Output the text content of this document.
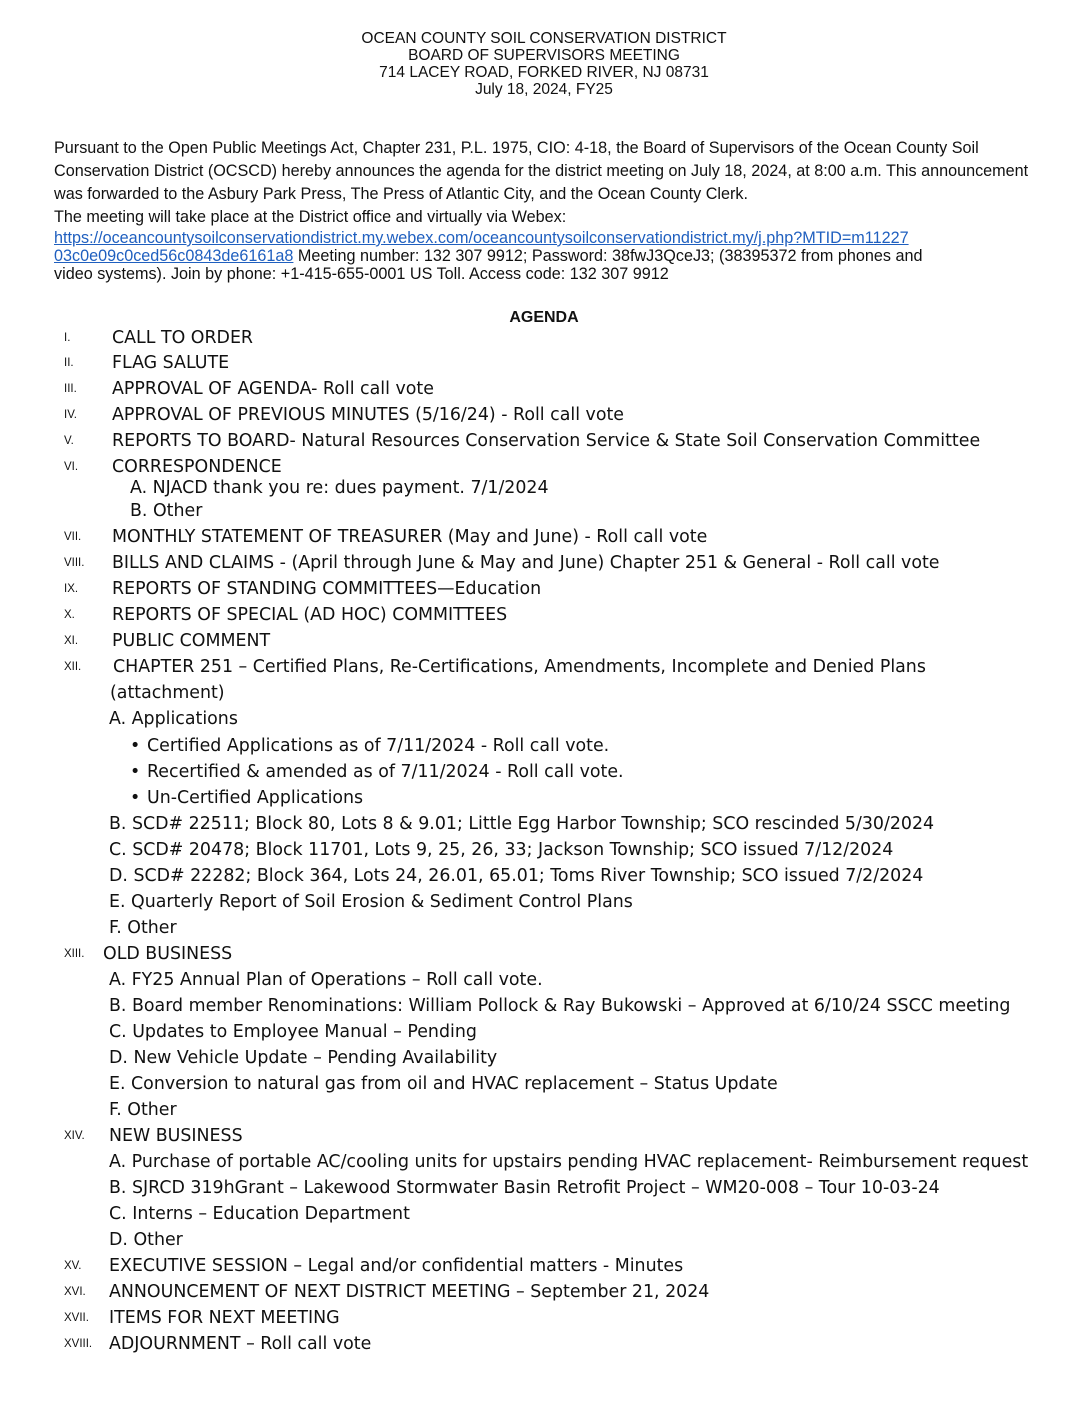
OCEAN COUNTY SOIL CONSERVATION DISTRICT
BOARD OF SUPERVISORS MEETING
714 LACEY ROAD, FORKED RIVER, NJ 08731
July 18, 2024, FY25

Pursuant to the Open Public Meetings Act, Chapter 231, P.L. 1975, CIO: 4-18, the Board of Supervisors of the Ocean County Soil Conservation District (OCSCD) hereby announces the agenda for the district meeting on July 18, 2024, at 8:00 a.m. This announcement was forwarded to the Asbury Park Press, The Press of Atlantic City, and the Ocean County Clerk.

The meeting will take place at the District office and virtually via Webex:

https://oceancountysoilconservationdistrict.my.webex.com/oceancountysoilconservationdistrict.my/j.php?MTID=m11227
03c0e09c0ced56c0843de6161a8 Meeting number: 132 307 9912; Password: 38fwJ3QceJ3; (38395372 from phones and
video systems). Join by phone: +1-415-655-0001 US Toll. Access code: 132 307 9912
AGENDA
I. CALL TO ORDER
II. FLAG SALUTE
III. APPROVAL OF AGENDA- Roll call vote
IV. APPROVAL OF PREVIOUS MINUTES (5/16/24) - Roll call vote
V. REPORTS TO BOARD- Natural Resources Conservation Service & State Soil Conservation Committee
VI. CORRESPONDENCE
A. NJACD thank you re: dues payment. 7/1/2024
B. Other
VII. MONTHLY STATEMENT OF TREASURER (May and June) - Roll call vote
VIII. BILLS AND CLAIMS - (April through June & May and June) Chapter 251 & General - Roll call vote
IX. REPORTS OF STANDING COMMITTEES—Education
X. REPORTS OF SPECIAL (AD HOC) COMMITTEES
XI. PUBLIC COMMENT
XII. CHAPTER 251 – Certified Plans, Re-Certifications, Amendments, Incomplete and Denied Plans
(attachment)
A. Applications
• Certified Applications as of 7/11/2024 - Roll call vote.
• Recertified & amended as of 7/11/2024 - Roll call vote.
• Un-Certified Applications
B. SCD# 22511; Block 80, Lots 8 & 9.01; Little Egg Harbor Township; SCO rescinded 5/30/2024
C. SCD# 20478; Block 11701, Lots 9, 25, 26, 33; Jackson Township; SCO issued 7/12/2024
D. SCD# 22282; Block 364, Lots 24, 26.01, 65.01; Toms River Township; SCO issued 7/2/2024
E. Quarterly Report of Soil Erosion & Sediment Control Plans
F. Other
XIII. OLD BUSINESS
A. FY25 Annual Plan of Operations – Roll call vote.
B. Board member Renominations: William Pollock & Ray Bukowski – Approved at 6/10/24 SSCC meeting
C. Updates to Employee Manual – Pending
D. New Vehicle Update – Pending Availability
E. Conversion to natural gas from oil and HVAC replacement – Status Update
F. Other
XIV. NEW BUSINESS
A. Purchase of portable AC/cooling units for upstairs pending HVAC replacement- Reimbursement request
B. SJRCD 319hGrant – Lakewood Stormwater Basin Retrofit Project – WM20-008 – Tour 10-03-24
C. Interns – Education Department
D. Other
XV. EXECUTIVE SESSION – Legal and/or confidential matters - Minutes
XVI. ANNOUNCEMENT OF NEXT DISTRICT MEETING – September 21, 2024
XVII. ITEMS FOR NEXT MEETING
XVIII. ADJOURNMENT – Roll call vote
